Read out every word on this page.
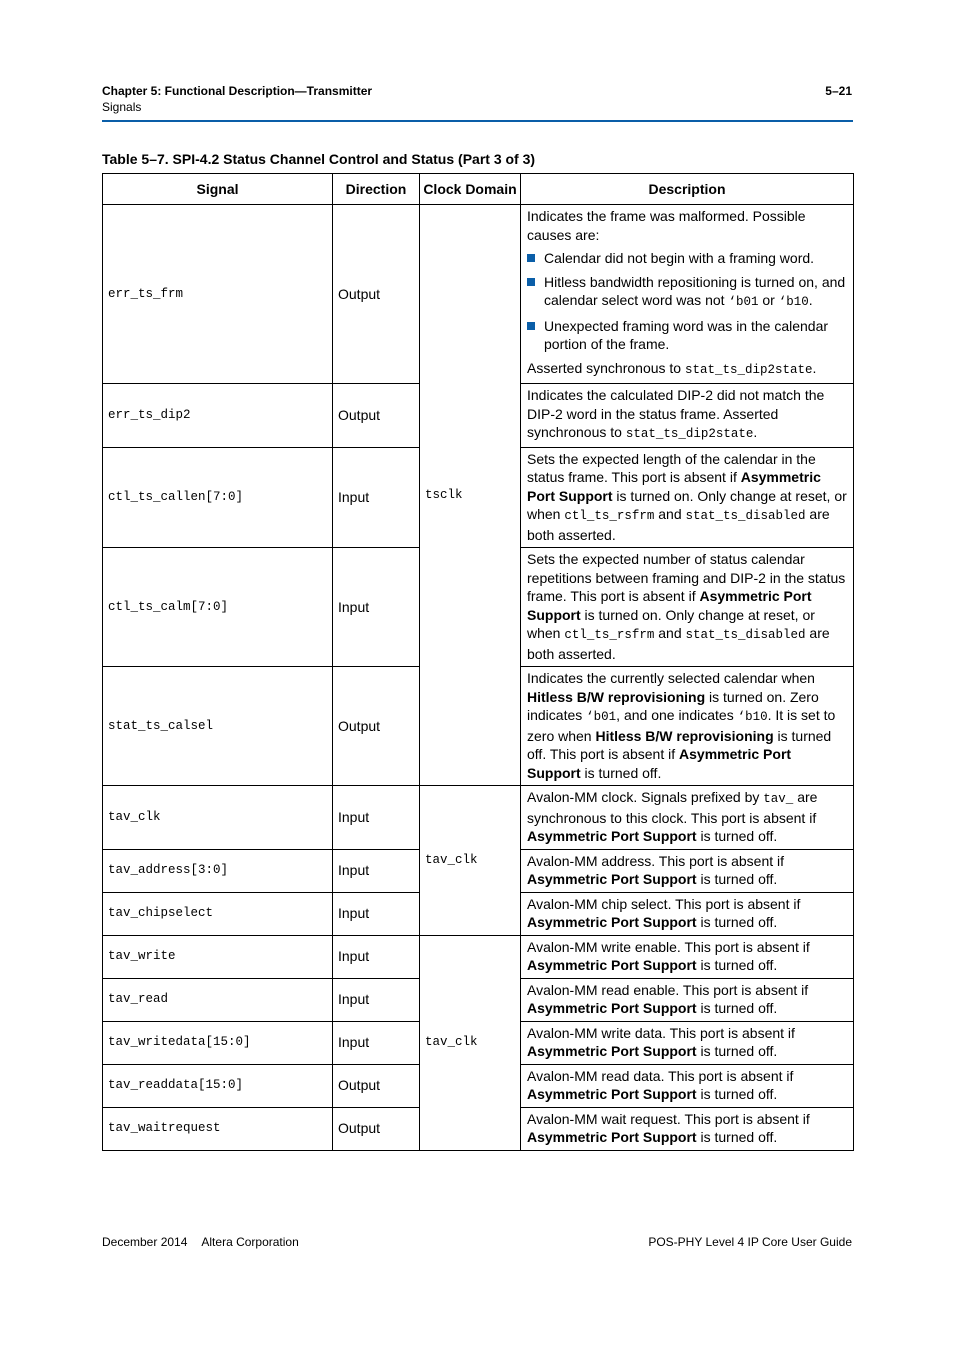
Chapter 5: Functional Description—Transmitter
Signals
5–21
Table 5–7. SPI-4.2 Status Channel Control and Status (Part 3 of 3)
Signal	Direction	Clock Domain	Description
err_ts_frm	Output	tsclk	Indicates the frame was malformed. Possible causes are:

Calendar did not begin with a framing word.
Hitless bandwidth repositioning is turned on, and calendar select word was not ‘b01 or ‘b10.
Unexpected framing word was in the calendar portion of the frame.

Asserted synchronous to stat_ts_dip2state.

err_ts_dip2	Output		Indicates the calculated DIP-2 did not match the DIP-2 word in the status frame. Asserted synchronous to stat_ts_dip2state.
ctl_ts_callen[7:0]	Input		Sets the expected length of the calendar in the status frame. This port is absent if Asymmetric Port Support is turned on. Only change at reset, or when ctl_ts_rsfrm and stat_ts_disabled are both asserted.
ctl_ts_calm[7:0]	Input		Sets the expected number of status calendar repetitions between framing and DIP-2 in the status frame. This port is absent if Asymmetric Port Support is turned on. Only change at reset, or when ctl_ts_rsfrm and stat_ts_disabled are both asserted.
stat_ts_calsel	Output		Indicates the currently selected calendar when Hitless B/W reprovisioning is turned on. Zero indicates ‘b01, and one indicates ‘b10. It is set to zero when Hitless B/W reprovisioning is turned off. This port is absent if Asymmetric Port Support is turned off.
tav_clk	Input	tav_clk	Avalon-MM clock. Signals prefixed by tav_ are synchronous to this clock. This port is absent if Asymmetric Port Support is turned off.
tav_address[3:0]	Input		Avalon-MM address. This port is absent if Asymmetric Port Support is turned off.
tav_chipselect	Input		Avalon-MM chip select. This port is absent if Asymmetric Port Support is turned off.
tav_write	Input	tav_clk	Avalon-MM write enable. This port is absent if Asymmetric Port Support is turned off.
tav_read	Input		Avalon-MM read enable. This port is absent if Asymmetric Port Support is turned off.
tav_writedata[15:0]	Input		Avalon-MM write data. This port is absent if Asymmetric Port Support is turned off.
tav_readdata[15:0]	Output		Avalon-MM read data. This port is absent if Asymmetric Port Support is turned off.
tav_waitrequest	Output		Avalon-MM wait request. This port is absent if Asymmetric Port Support is turned off.
December 2014 Altera Corporation	POS-PHY Level 4 IP Core User Guide
